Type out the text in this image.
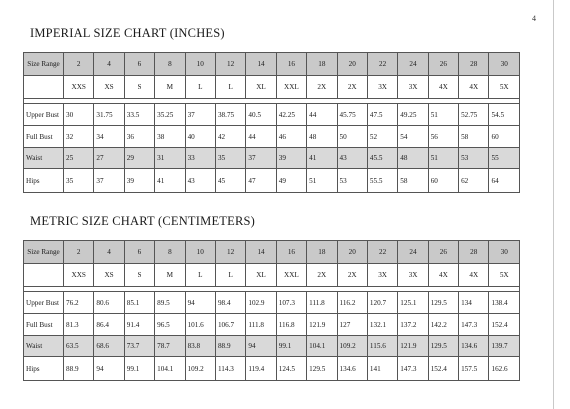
4
IMPERIAL SIZE CHART (INCHES)
Size Range	2	4	6	8	10	12	14	16	18	20	22	24	26	28	30
	XXS	XS	S	M	L	L	XL	XXL	2X	2X	3X	3X	4X	4X	5X

Upper Bust	30	31.75	33.5	35.25	37	38.75	40.5	42.25	44	45.75	47.5	49.25	51	52.75	54.5
Full Bust	32	34	36	38	40	42	44	46	48	50	52	54	56	58	60
Waist	25	27	29	31	33	35	37	39	41	43	45.5	48	51	53	55
Hips	35	37	39	41	43	45	47	49	51	53	55.5	58	60	62	64
METRIC SIZE CHART (CENTIMETERS)
Size Range	2	4	6	8	10	12	14	16	18	20	22	24	26	28	30
	XXS	XS	S	M	L	L	XL	XXL	2X	2X	3X	3X	4X	4X	5X

Upper Bust	76.2	80.6	85.1	89.5	94	98.4	102.9	107.3	111.8	116.2	120.7	125.1	129.5	134	138.4
Full Bust	81.3	86.4	91.4	96.5	101.6	106.7	111.8	116.8	121.9	127	132.1	137.2	142.2	147.3	152.4
Waist	63.5	68.6	73.7	78.7	83.8	88.9	94	99.1	104.1	109.2	115.6	121.9	129.5	134.6	139.7
Hips	88.9	94	99.1	104.1	109.2	114.3	119.4	124.5	129.5	134.6	141	147.3	152.4	157.5	162.6
